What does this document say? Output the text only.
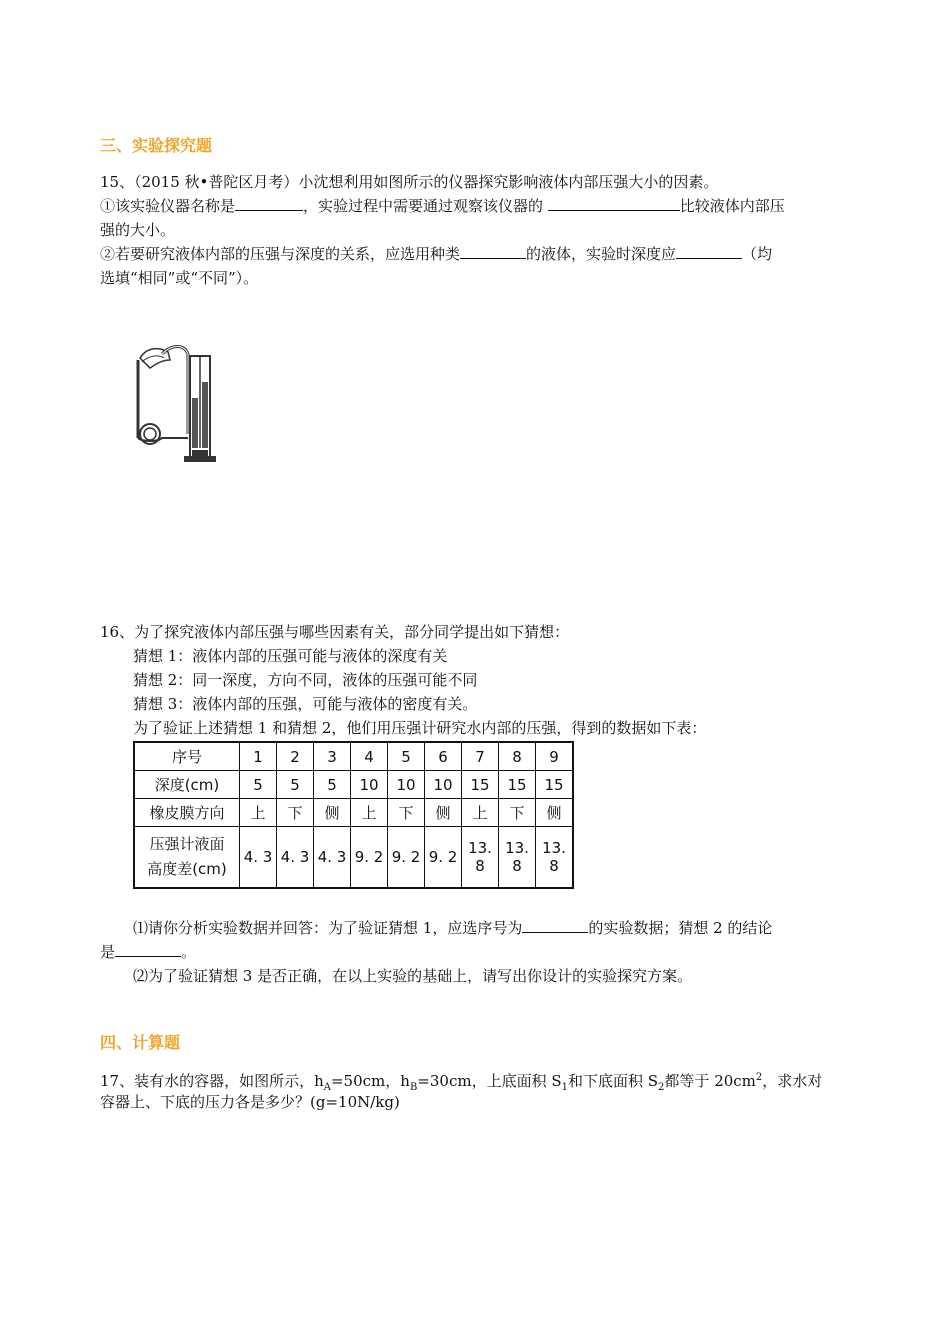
三、实验探究题
15、（2015 秋•普陀区月考）小沈想利用如图所示的仪器探究影响液体内部压强大小的因素。
①该实验仪器名称是	，实验过程中需要通过观察该仪器的	比较液体内部压
强的大小。
②若要研究液体内部的压强与深度的关系，应选用种类	的液体，实验时深度应	（均
选填“相同”或“不同”）。
16、为了探究液体内部压强与哪些因素有关，部分同学提出如下猜想：
猜想 1：液体内部的压强可能与液体的深度有关
猜想 2：同一深度，方向不同，液体的压强可能不同
猜想 3：液体内部的压强，可能与液体的密度有关。
为了验证上述猜想 1 和猜想 2，他们用压强计研究水内部的压强，得到的数据如下表：
序号	1	2	3	4	5	6	7	8	9
深度(cm)	5	5	5	10	10	10	15	15	15
橡皮膜方向	上	下	侧	上	下	侧	上	下	侧

压强计液面
高度差(cm)	4. 3	4. 3	4. 3	9. 2	9. 2	9. 2	13. 8	13. 8	13. 8
⑴请你分析实验数据并回答：为了验证猜想 1，应选序号为	的实验数据；猜想 2 的结论
是	。
⑵为了验证猜想 3 是否正确，在以上实验的基础上，请写出你设计的实验探究方案。
四、计算题
17、装有水的容器，如图所示，$h_A=50cm$，$h_B=30cm$，上底面积 $S_1$和下底面积 $S_2$都等于 $20cm^2$，求水对
容器上、下底的压力各是多少？(g=10N/kg)
